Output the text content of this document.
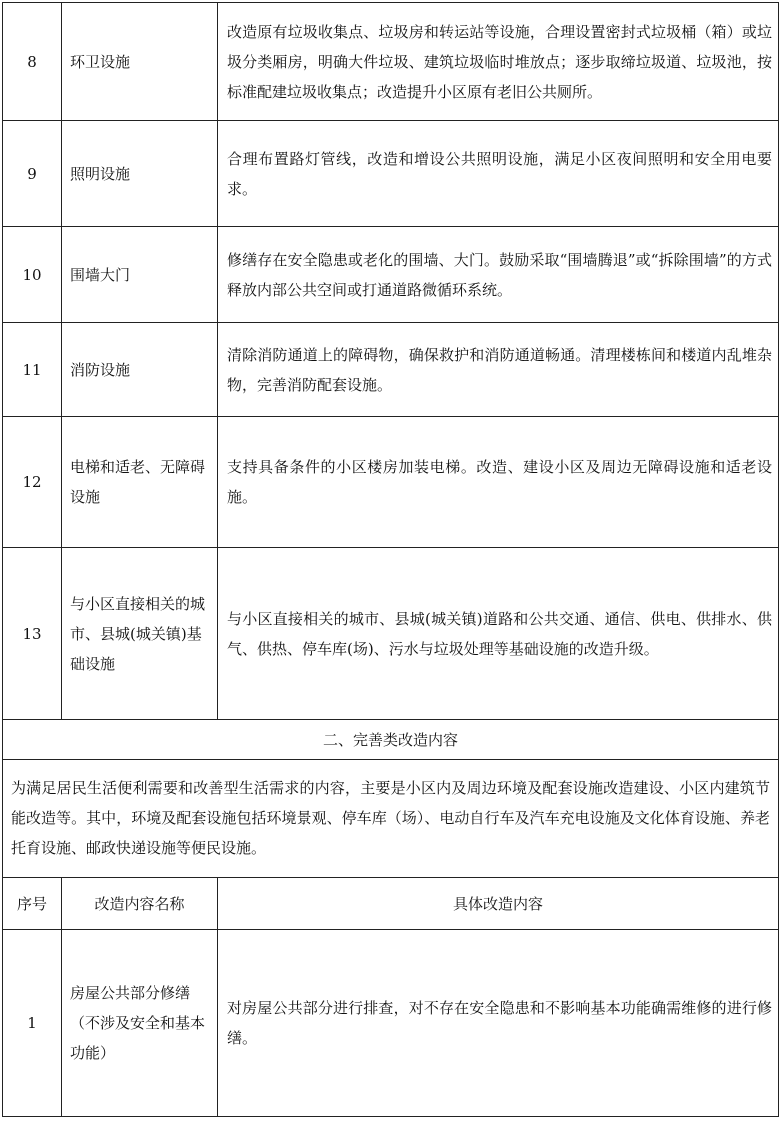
8	环卫设施	改造原有垃圾收集点、垃圾房和转运站等设施，合理设置密封式垃圾桶（箱）或垃圾分类厢房，明确大件垃圾、建筑垃圾临时堆放点；逐步取缔垃圾道、垃圾池，按标准配建垃圾收集点；改造提升小区原有老旧公共厕所。
9	照明设施	合理布置路灯管线，改造和增设公共照明设施，满足小区夜间照明和安全用电要求。
10	围墙大门	修缮存在安全隐患或老化的围墙、大门。鼓励采取“围墙腾退”或“拆除围墙”的方式释放内部公共空间或打通道路微循环系统。
11	消防设施	清除消防通道上的障碍物，确保救护和消防通道畅通。清理楼栋间和楼道内乱堆杂物，完善消防配套设施。
12	电梯和适老、无障碍设施	支持具备条件的小区楼房加装电梯。改造、建设小区及周边无障碍设施和适老设施。
13	与小区直接相关的城市、县城(城关镇)基础设施	与小区直接相关的城市、县城(城关镇)道路和公共交通、通信、供电、供排水、供气、供热、停车库(场)、污水与垃圾处理等基础设施的改造升级。
二、完善类改造内容		
为满足居民生活便利需要和改善型生活需求的内容，主要是小区内及周边环境及配套设施改造建设、小区内建筑节能改造等。其中，环境及配套设施包括环境景观、停车库（场）、电动自行车及汽车充电设施及文化体育设施、养老托育设施、邮政快递设施等便民设施。		
序号	改造内容名称	具体改造内容
1	房屋公共部分修缮（不涉及安全和基本功能）	对房屋公共部分进行排查，对不存在安全隐患和不影响基本功能确需维修的进行修缮。
